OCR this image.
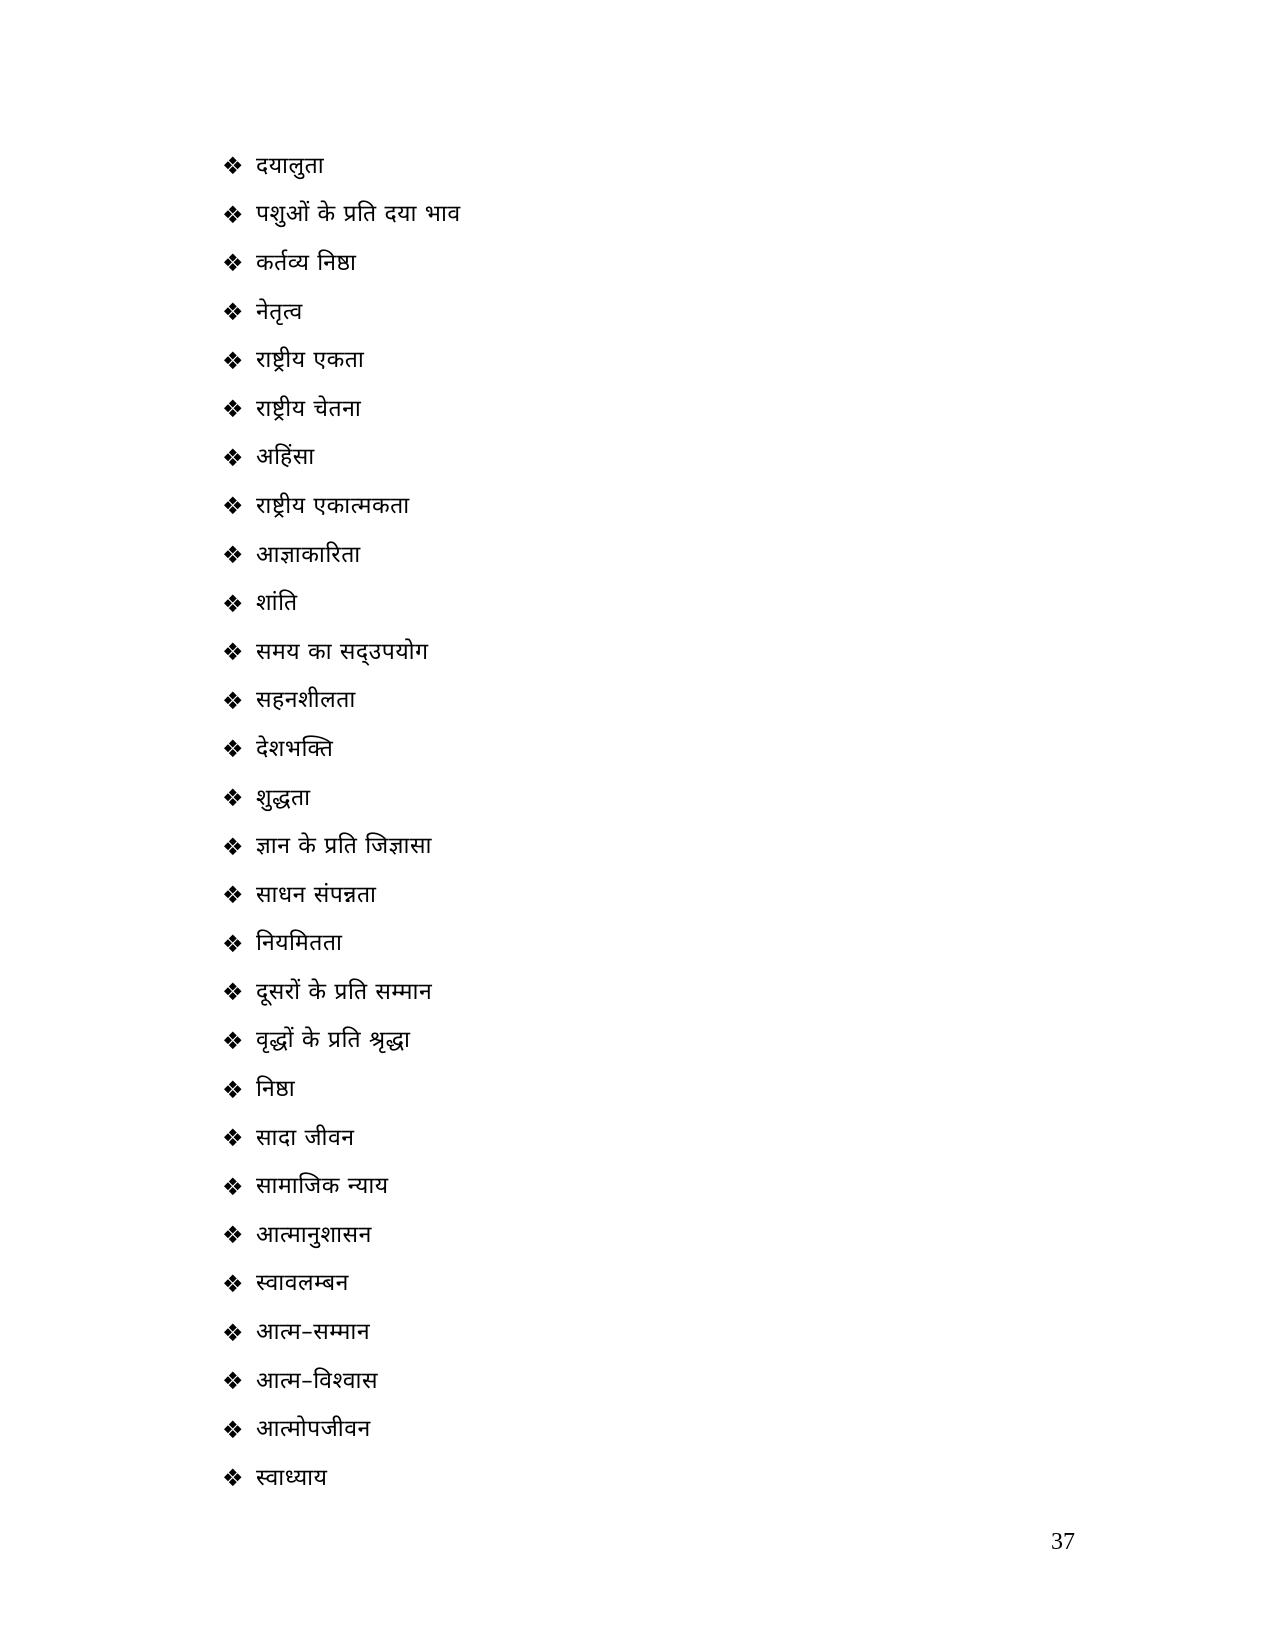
❖ दयालुता
❖ पशुओं के प्रति दया भाव
❖ कर्तव्य निष्ठा
❖ नेतृत्व
❖ राष्ट्रीय एकता
❖ राष्ट्रीय चेतना
❖ अहिंसा
❖ राष्ट्रीय एकात्मकता
❖ आज्ञाकारिता
❖ शांति
❖ समय का सद्‌उपयोग
❖ सहनशीलता
❖ देशभक्ति
❖ शुद्धता
❖ ज्ञान के प्रति जिज्ञासा
❖ साधन संपन्नता
❖ नियमितता
❖ दूसरों के प्रति सम्मान
❖ वृद्धों के प्रति श्रृद्धा
❖ निष्ठा
❖ सादा जीवन
❖ सामाजिक न्याय
❖ आत्मानुशासन
❖ स्वावलम्बन
❖ आत्म–सम्मान
❖ आत्म–विश्वास
❖ आत्मोपजीवन
❖ स्वाध्याय
37
